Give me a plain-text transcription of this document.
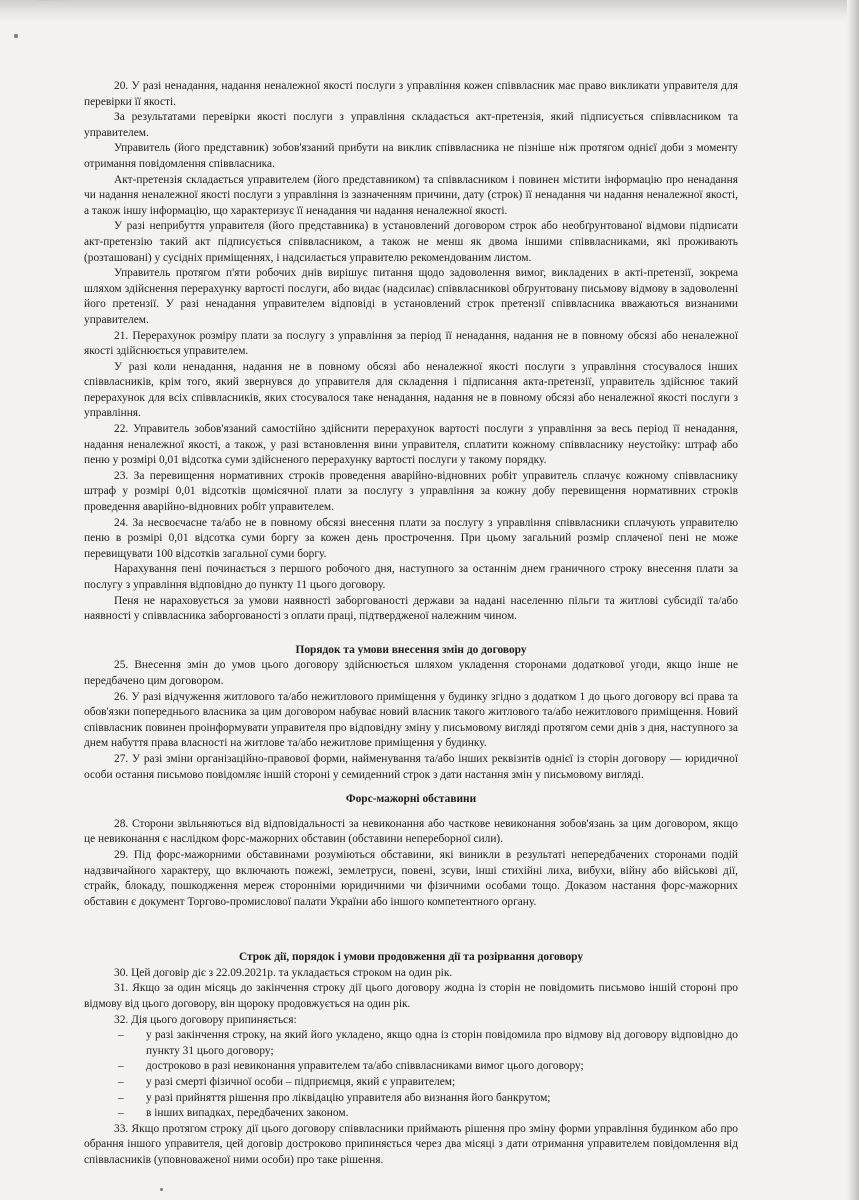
20. У разі ненадання, надання неналежної якості послуги з управління кожен співвласник має право викликати управителя для перевірки її якості.

За результатами перевірки якості послуги з управління складається акт-претензія, який підписується співвласником та управителем.

Управитель (його представник) зобов'язаний прибути на виклик співвласника не пізніше ніж протягом однієї доби з моменту отримання повідомлення співвласника.

Акт-претензія складається управителем (його представником) та співвласником і повинен містити інформацію про ненадання чи надання неналежної якості послуги з управління із зазначенням причини, дату (строк) її ненадання чи надання неналежної якості, а також іншу інформацію, що характеризує її ненадання чи надання неналежної якості.

У разі неприбуття управителя (його представника) в установлений договором строк або необґрунтованої відмови підписати акт-претензію такий акт підписується співвласником, а також не менш як двома іншими співвласниками, які проживають (розташовані) у сусідніх приміщеннях, і надсилається управителю рекомендованим листом.

Управитель протягом п'яти робочих днів вирішує питання щодо задоволення вимог, викладених в акті-претензії, зокрема шляхом здійснення перерахунку вартості послуги, або видає (надсилає) співвласникові обґрунтовану письмову відмову в задоволенні його претензії. У разі ненадання управителем відповіді в установлений строк претензії співвласника вважаються визнаними управителем.

21. Перерахунок розміру плати за послугу з управління за період її ненадання, надання не в повному обсязі або неналежної якості здійснюється управителем.

У разі коли ненадання, надання не в повному обсязі або неналежної якості послуги з управління стосувалося інших співвласників, крім того, який звернувся до управителя для складення і підписання акта-претензії, управитель здійснює такий перерахунок для всіх співвласників, яких стосувалося таке ненадання, надання не в повному обсязі або неналежної якості послуги з управління.

22. Управитель зобов'язаний самостійно здійснити перерахунок вартості послуги з управління за весь період її ненадання, надання неналежної якості, а також, у разі встановлення вини управителя, сплатити кожному співвласнику неустойку: штраф або пеню у розмірі 0,01 відсотка суми здійсненого перерахунку вартості послуги у такому порядку.

23. За перевищення нормативних строків проведення аварійно-відновних робіт управитель сплачує кожному співвласнику штраф у розмірі 0,01 відсотків щомісячної плати за послугу з управління за кожну добу перевищення нормативних строків проведення аварійно-відновних робіт управителем.

24. За несвоєчасне та/або не в повному обсязі внесення плати за послугу з управління співвласники сплачують управителю пеню в розмірі 0,01 відсотка суми боргу за кожен день прострочення. При цьому загальний розмір сплаченої пені не може перевищувати 100 відсотків загальної суми боргу.

Нарахування пені починається з першого робочого дня, наступного за останнім днем граничного строку внесення плати за послугу з управління відповідно до пункту 11 цього договору.

Пеня не нараховується за умови наявності заборгованості держави за надані населенню пільги та житлові субсидії та/або наявності у співвласника заборгованості з оплати праці, підтвердженої належним чином.

Порядок та умови внесення змін до договору

25. Внесення змін до умов цього договору здійснюється шляхом укладення сторонами додаткової угоди, якщо інше не передбачено цим договором.

26. У разі відчуження житлового та/або нежитлового приміщення у будинку згідно з додатком 1 до цього договору всі права та обов'язки попереднього власника за цим договором набуває новий власник такого житлового та/або нежитлового приміщення. Новий співвласник повинен проінформувати управителя про відповідну зміну у письмовому вигляді протягом семи днів з дня, наступного за днем набуття права власності на житлове та/або нежитлове приміщення у будинку.

27. У разі зміни організаційно-правової форми, найменування та/або інших реквізитів однієї із сторін договору — юридичної особи остання письмово повідомляє іншій стороні у семиденний строк з дати настання змін у письмовому вигляді.

Форс-мажорні обставини

28. Сторони звільняються від відповідальності за невиконання або часткове невиконання зобов'язань за цим договором, якщо це невиконання є наслідком форс-мажорних обставин (обставини непереборної сили).

29. Під форс-мажорними обставинами розуміються обставини, які виникли в результаті непередбачених сторонами подій надзвичайного характеру, що включають пожежі, землетруси, повені, зсуви, інші стихійні лиха, вибухи, війну або військові дії, страйк, блокаду, пошкодження мереж сторонніми юридичними чи фізичними особами тощо. Доказом настання форс-мажорних обставин є документ Торгово-промислової палати України або іншого компетентного органу.

Строк дії, порядок і умови продовження дії та розірвання договору

30. Цей договір діє з 22.09.2021р. та укладається строком на один рік.

31. Якщо за один місяць до закінчення строку дії цього договору жодна із сторін не повідомить письмово іншій стороні про відмову від цього договору, він щороку продовжується на один рік.

32. Дія цього договору припиняється:

– у разі закінчення строку, на який його укладено, якщо одна із сторін повідомила про відмову від договору відповідно до пункту 31 цього договору;
– достроково в разі невиконання управителем та/або співвласниками вимог цього договору;
– у разі смерті фізичної особи – підприємця, який є управителем;
– у разі прийняття рішення про ліквідацію управителя або визнання його банкрутом;
– в інших випадках, передбачених законом.

33. Якщо протягом строку дії цього договору співвласники приймають рішення про зміну форми управління будинком або про обрання іншого управителя, цей договір достроково припиняється через два місяці з дати отримання управителем повідомлення від співвласників (уповноваженої ними особи) про таке рішення.
